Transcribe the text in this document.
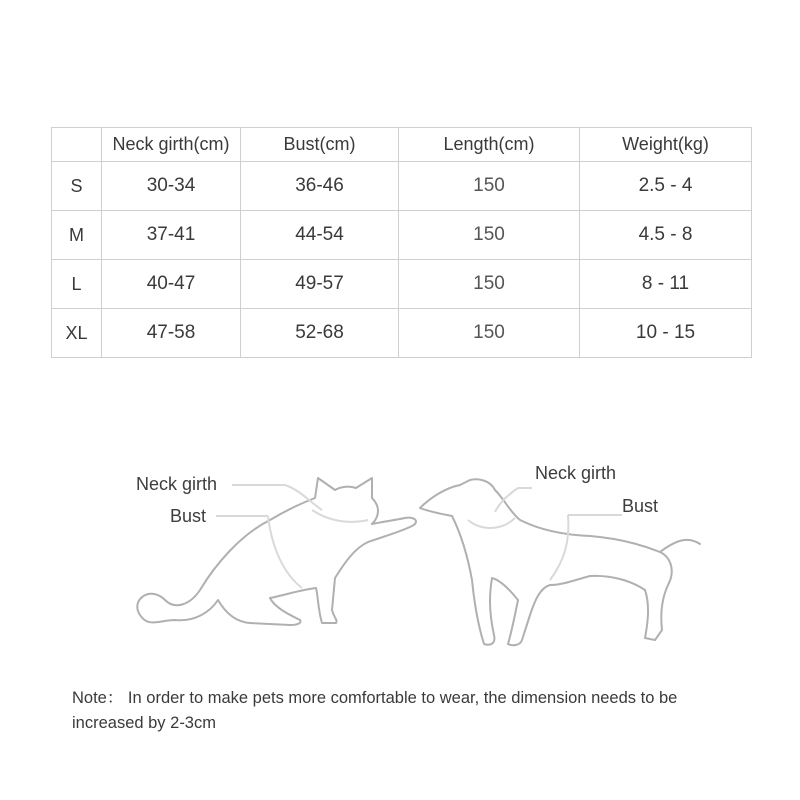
	Neck girth(cm)	Bust(cm)	Length(cm)	Weight(kg)
S	30-34	36-46	150	2.5 - 4
M	37-41	44-54	150	4.5 - 8
L	40-47	49-57	150	8 - 11
XL	47-58	52-68	150	10 - 15
Neck girth
Bust
Neck girth
Bust
Note： In order to make pets more comfortable to wear, the dimension needs to be increased by 2-3cm
